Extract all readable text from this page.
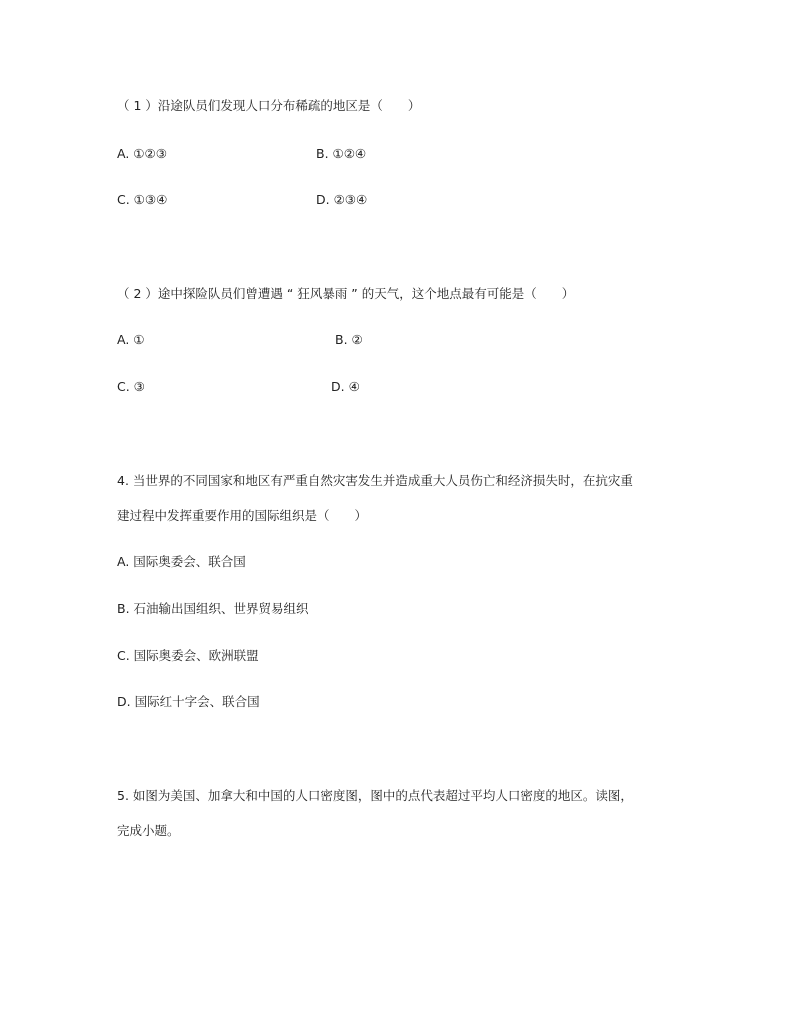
（ 1 ）沿途队员们发现人口分布稀疏的地区是（　　）
A. ①②③	B. ①②④
C. ①③④	D. ②③④
（ 2 ）途中探险队员们曾遭遇 “ 狂风暴雨 ” 的天气，这个地点最有可能是（　　）
A. ①	B. ②
C. ③	D. ④
4. 当世界的不同国家和地区有严重自然灾害发生并造成重大人员伤亡和经济损失时，在抗灾重
建过程中发挥重要作用的国际组织是（　　）
A. 国际奥委会、联合国
B. 石油输出国组织、世界贸易组织
C. 国际奥委会、欧洲联盟
D. 国际红十字会、联合国
5. 如图为美国、加拿大和中国的人口密度图，图中的点代表超过平均人口密度的地区。读图，
完成小题。
